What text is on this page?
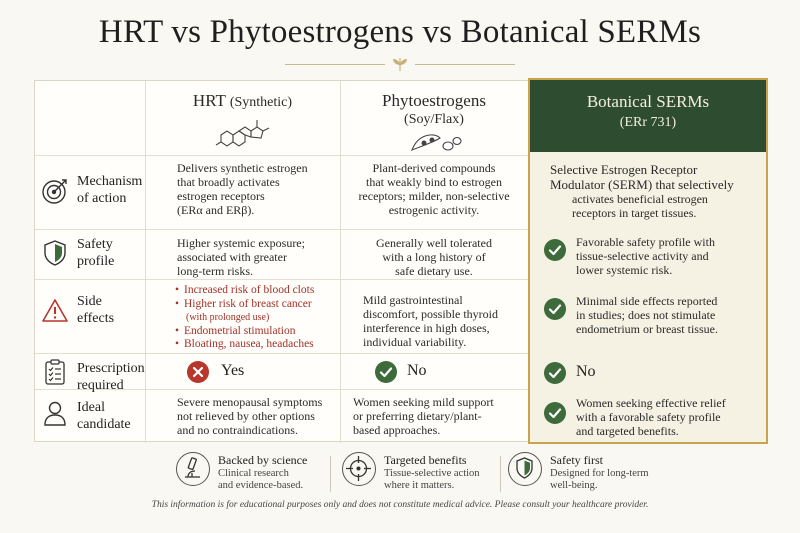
HRT vs Phytoestrogens vs Botanical SERMs
HRT (Synthetic)	Phytoestrogens
(Soy/Flax)
Mechanism
of action
Safety
profile
Side
effects
Prescription
required
Ideal
candidate
Delivers synthetic estrogen
that broadly activates
estrogen receptors
(ERα and ERβ).
Higher systemic exposure;
associated with greater
long-term risks.
• Increased risk of blood clots
• Higher risk of breast cancer
(with prolonged use)
• Endometrial stimulation
• Bloating, nausea, headaches
Yes
Severe menopausal symptoms
not relieved by other options
and no contraindications.
Plant-derived compounds
that weakly bind to estrogen
receptors; milder, non-selective
estrogenic activity.
Generally well tolerated
with a long history of
safe dietary use.
Mild gastrointestinal
discomfort, possible thyroid
interference in high doses,
individual variability.
No
Women seeking mild support
or preferring dietary/plant-
based approaches.
Botanical SERMs
(ERr 731)
Selective Estrogen Receptor
Modulator (SERM) that selectively
activates beneficial estrogen
receptors in target tissues.
Favorable safety profile with
tissue-selective activity and
lower systemic risk.
Minimal side effects reported
in studies; does not stimulate
endometrium or breast tissue.
No
Women seeking effective relief
with a favorable safety profile
and targeted benefits.
Backed by science
Clinical research
and evidence-based.
Targeted benefits
Tissue-selective action
where it matters.
Safety first
Designed for long-term
well-being.
This information is for educational purposes only and does not constitute medical advice. Please consult your healthcare provider.
